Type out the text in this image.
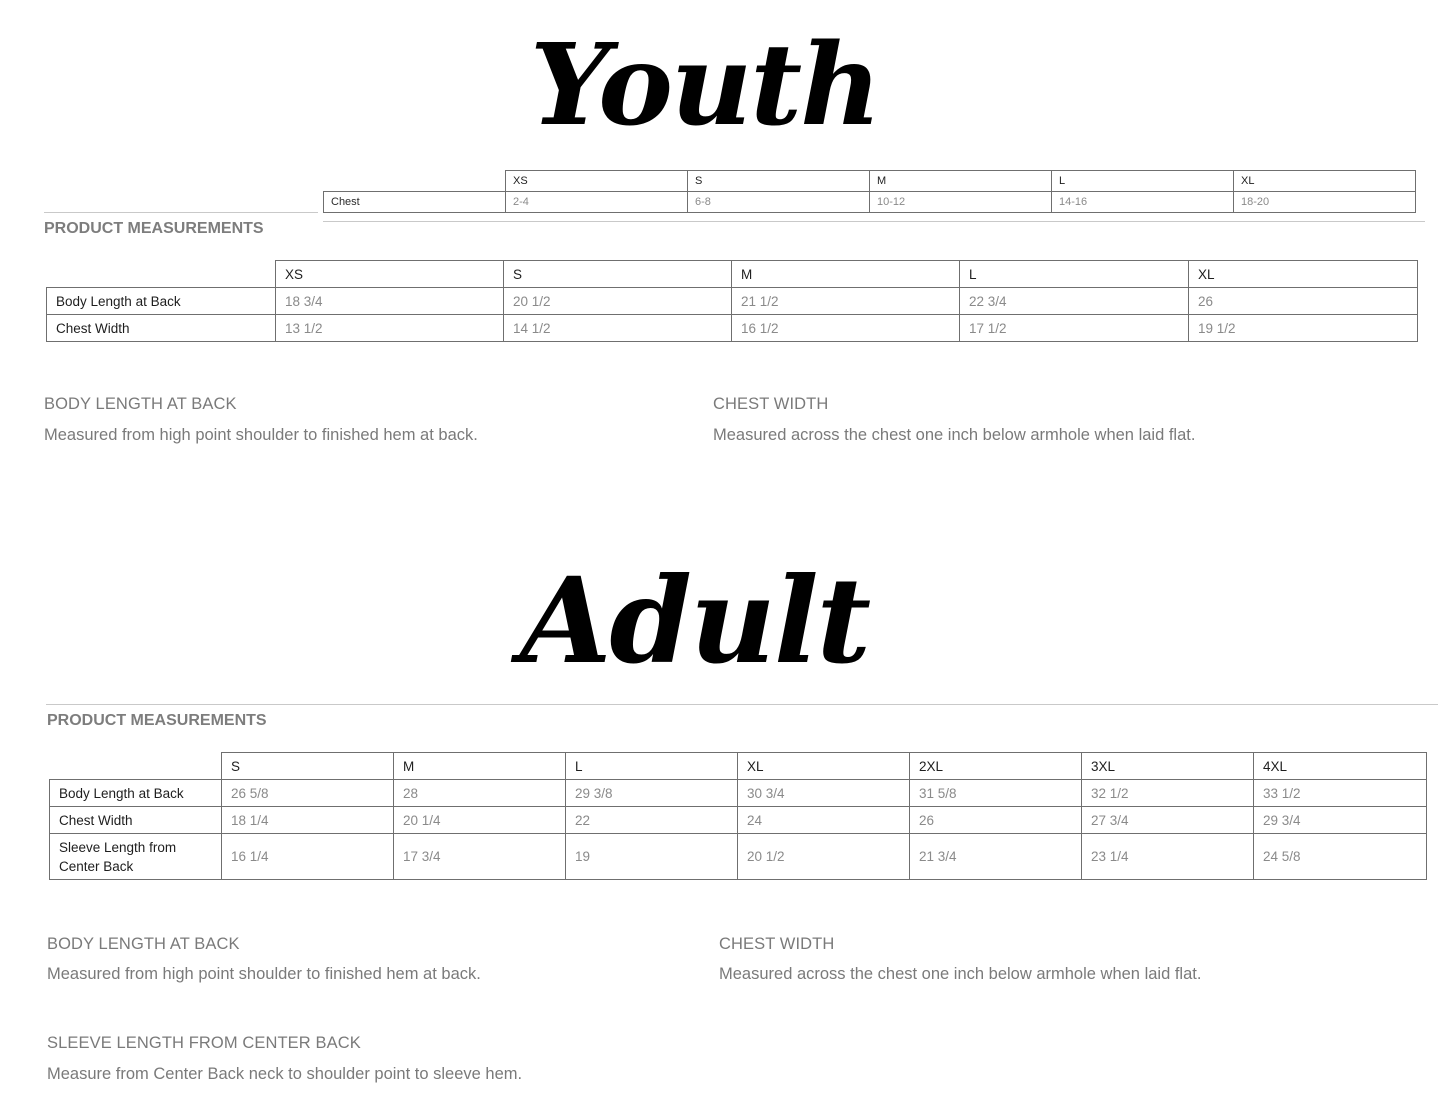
Youth
	XS	S	M	L	XL
Chest	2-4	6-8	10-12	14-16	18-20
PRODUCT MEASUREMENTS
	XS	S	M	L	XL
Body Length at Back	18 3/4	20 1/2	21 1/2	22 3/4	26
Chest Width	13 1/2	14 1/2	16 1/2	17 1/2	19 1/2

BODY LENGTH AT BACK

Measured from high point shoulder to finished hem at back.

CHEST WIDTH

Measured across the chest one inch below armhole when laid flat.

Adult
PRODUCT MEASUREMENTS
	S	M	L	XL	2XL	3XL	4XL
Body Length at Back	26 5/8	28	29 3/8	30 3/4	31 5/8	32 1/2	33 1/2
Chest Width	18 1/4	20 1/4	22	24	26	27 3/4	29 3/4
Sleeve Length from
Center Back	16 1/4	17 3/4	19	20 1/2	21 3/4	23 1/4	24 5/8

BODY LENGTH AT BACK

Measured from high point shoulder to finished hem at back.

CHEST WIDTH

Measured across the chest one inch below armhole when laid flat.

SLEEVE LENGTH FROM CENTER BACK

Measure from Center Back neck to shoulder point to sleeve hem.
